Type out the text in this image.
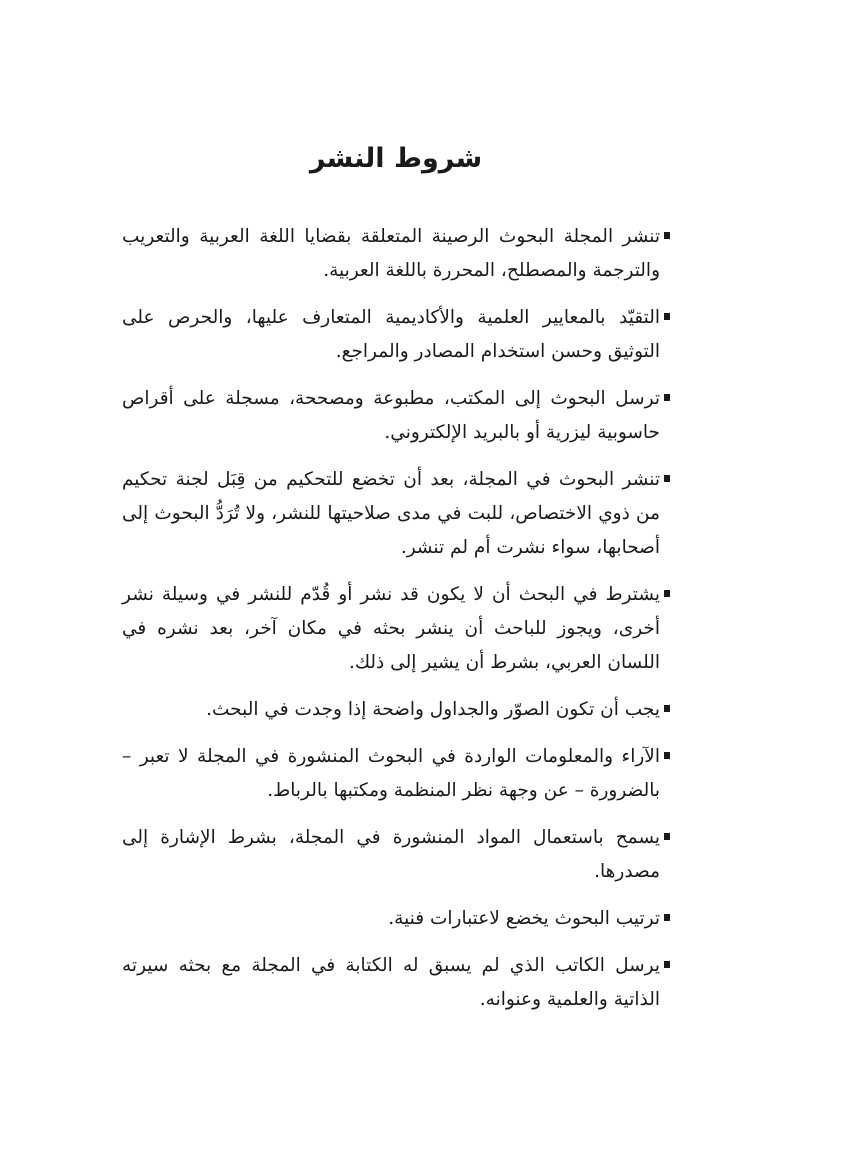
شروط النشر
تنشر المجلة البحوث الرصينة المتعلقة بقضايا اللغة العربية والتعريب والترجمة والمصطلح، المحررة باللغة العربية.
التقيّد بالمعايير العلمية والأكاديمية المتعارف عليها، والحرص على التوثيق وحسن استخدام المصادر والمراجع.
ترسل البحوث إلى المكتب، مطبوعة ومصححة، مسجلة على أقراص حاسوبية ليزرية أو بالبريد الإلكتروني.
تنشر البحوث في المجلة، بعد أن تخضع للتحكيم من قِبَل لجنة تحكيم من ذوي الاختصاص، للبت في مدى صلاحيتها للنشر، ولا تُرَدُّ البحوث إلى أصحابها، سواء نشرت أم لم تنشر.
يشترط في البحث أن لا يكون قد نشر أو قُدّم للنشر في وسيلة نشر أخرى، ويجوز للباحث أن ينشر بحثه في مكان آخر، بعد نشره في اللسان العربي، بشرط أن يشير إلى ذلك.
يجب أن تكون الصوّر والجداول واضحة إذا وجدت في البحث.
الآراء والمعلومات الواردة في البحوث المنشورة في المجلة لا تعبر – بالضرورة – عن وجهة نظر المنظمة ومكتبها بالرباط.
يسمح باستعمال المواد المنشورة في المجلة، بشرط الإشارة إلى مصدرها.
ترتيب البحوث يخضع لاعتبارات فنية.
يرسل الكاتب الذي لم يسبق له الكتابة في المجلة مع بحثه سيرته الذاتية والعلمية وعنوانه.
